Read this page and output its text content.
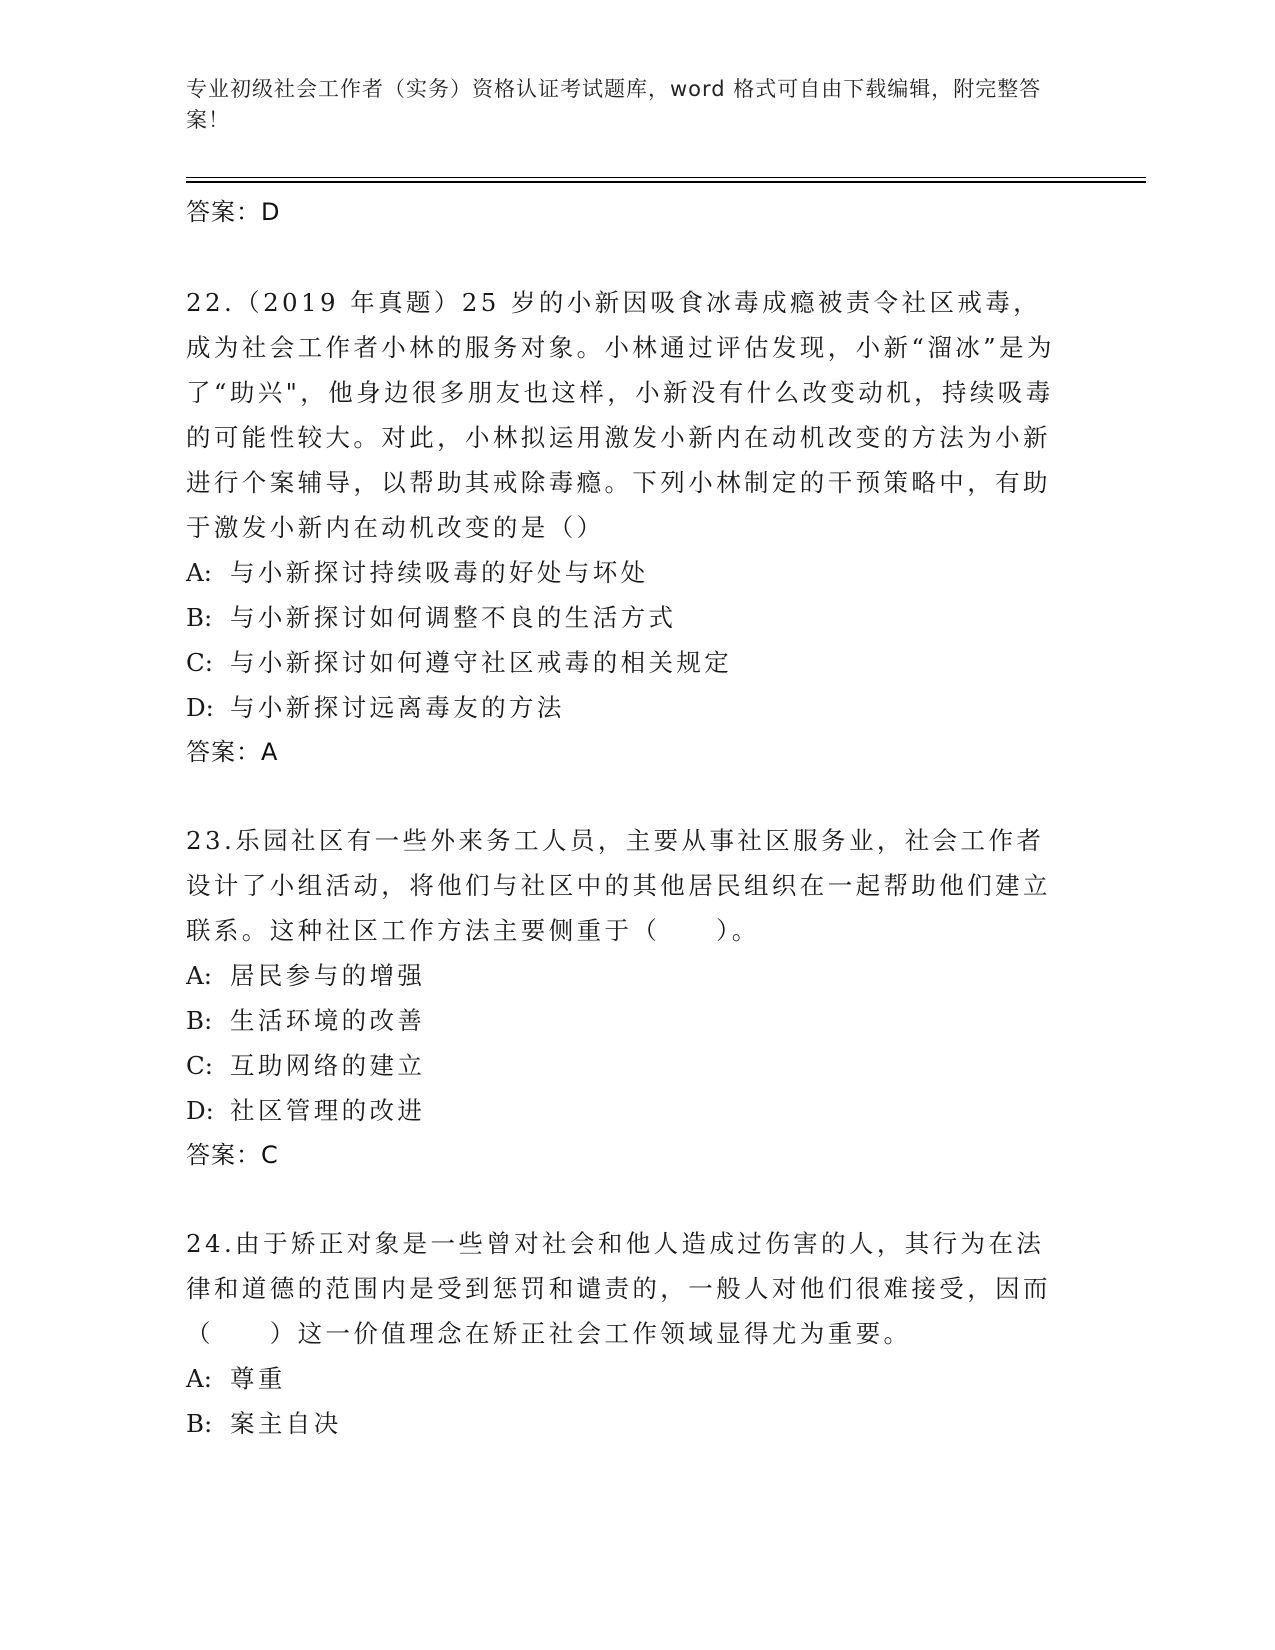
专业初级社会工作者（实务）资格认证考试题库，word 格式可自由下载编辑，附完整答案！
答案：D

22.（2019 年真题）25 岁的小新因吸食冰毒成瘾被责令社区戒毒，成为社会工作者小林的服务对象。小林通过评估发现，小新“溜冰”是为了“助兴"，他身边很多朋友也这样，小新没有什么改变动机，持续吸毒的可能性较大。对此，小林拟运用激发小新内在动机改变的方法为小新进行个案辅导，以帮助其戒除毒瘾。下列小林制定的干预策略中，有助于激发小新内在动机改变的是（）

A: 与小新探讨持续吸毒的好处与坏处
B: 与小新探讨如何调整不良的生活方式
C: 与小新探讨如何遵守社区戒毒的相关规定
D: 与小新探讨远离毒友的方法
答案：A

23.乐园社区有一些外来务工人员，主要从事社区服务业，社会工作者设计了小组活动，将他们与社区中的其他居民组织在一起帮助他们建立联系。这种社区工作方法主要侧重于（　　）。

A: 居民参与的增强
B: 生活环境的改善
C: 互助网络的建立
D: 社区管理的改进
答案：C

24.由于矫正对象是一些曾对社会和他人造成过伤害的人，其行为在法律和道德的范围内是受到惩罚和谴责的，一般人对他们很难接受，因而（　　）这一价值理念在矫正社会工作领域显得尤为重要。

A: 尊重
B: 案主自决
